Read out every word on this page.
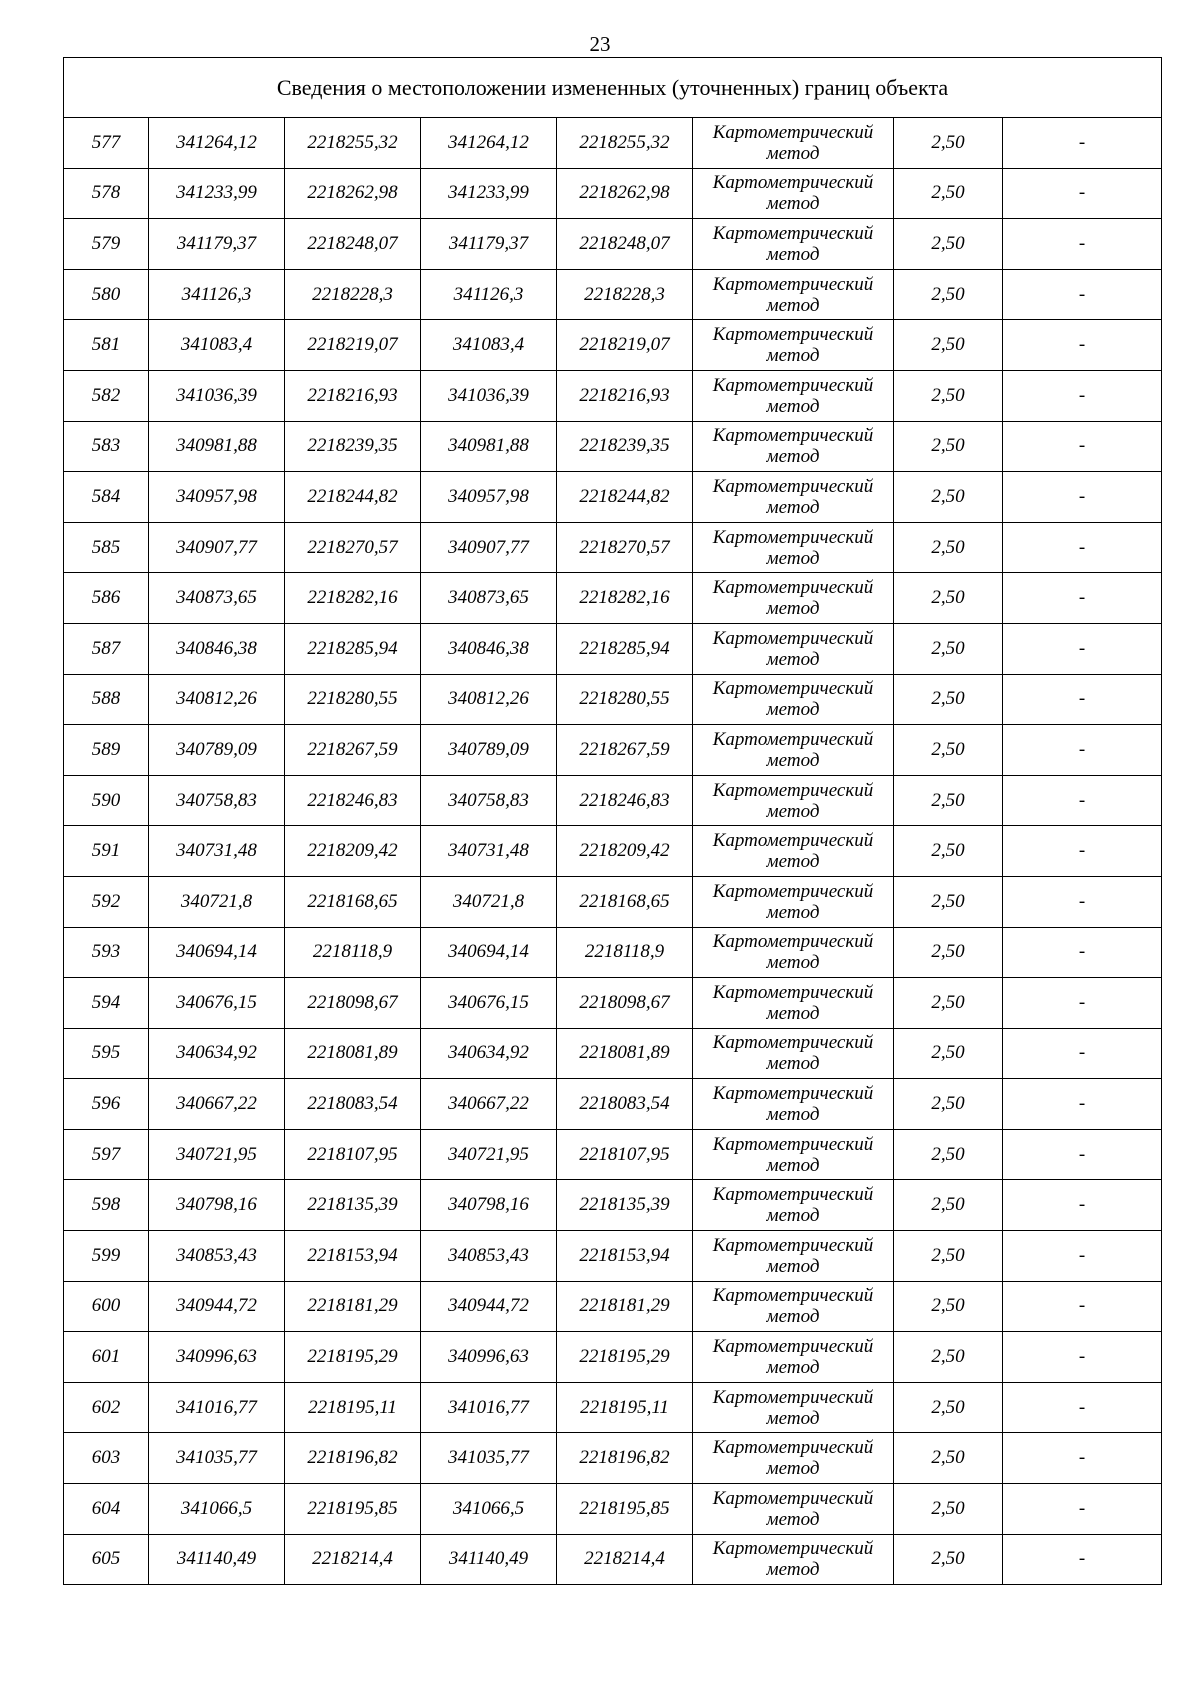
23
Сведения о местоположении измененных (уточненных) границ объекта							
577	341264,12	2218255,32	341264,12	2218255,32	Картометрический
метод	2,50	-
578	341233,99	2218262,98	341233,99	2218262,98	Картометрический
метод	2,50	-
579	341179,37	2218248,07	341179,37	2218248,07	Картометрический
метод	2,50	-
580	341126,3	2218228,3	341126,3	2218228,3	Картометрический
метод	2,50	-
581	341083,4	2218219,07	341083,4	2218219,07	Картометрический
метод	2,50	-
582	341036,39	2218216,93	341036,39	2218216,93	Картометрический
метод	2,50	-
583	340981,88	2218239,35	340981,88	2218239,35	Картометрический
метод	2,50	-
584	340957,98	2218244,82	340957,98	2218244,82	Картометрический
метод	2,50	-
585	340907,77	2218270,57	340907,77	2218270,57	Картометрический
метод	2,50	-
586	340873,65	2218282,16	340873,65	2218282,16	Картометрический
метод	2,50	-
587	340846,38	2218285,94	340846,38	2218285,94	Картометрический
метод	2,50	-
588	340812,26	2218280,55	340812,26	2218280,55	Картометрический
метод	2,50	-
589	340789,09	2218267,59	340789,09	2218267,59	Картометрический
метод	2,50	-
590	340758,83	2218246,83	340758,83	2218246,83	Картометрический
метод	2,50	-
591	340731,48	2218209,42	340731,48	2218209,42	Картометрический
метод	2,50	-
592	340721,8	2218168,65	340721,8	2218168,65	Картометрический
метод	2,50	-
593	340694,14	2218118,9	340694,14	2218118,9	Картометрический
метод	2,50	-
594	340676,15	2218098,67	340676,15	2218098,67	Картометрический
метод	2,50	-
595	340634,92	2218081,89	340634,92	2218081,89	Картометрический
метод	2,50	-
596	340667,22	2218083,54	340667,22	2218083,54	Картометрический
метод	2,50	-
597	340721,95	2218107,95	340721,95	2218107,95	Картометрический
метод	2,50	-
598	340798,16	2218135,39	340798,16	2218135,39	Картометрический
метод	2,50	-
599	340853,43	2218153,94	340853,43	2218153,94	Картометрический
метод	2,50	-
600	340944,72	2218181,29	340944,72	2218181,29	Картометрический
метод	2,50	-
601	340996,63	2218195,29	340996,63	2218195,29	Картометрический
метод	2,50	-
602	341016,77	2218195,11	341016,77	2218195,11	Картометрический
метод	2,50	-
603	341035,77	2218196,82	341035,77	2218196,82	Картометрический
метод	2,50	-
604	341066,5	2218195,85	341066,5	2218195,85	Картометрический
метод	2,50	-
605	341140,49	2218214,4	341140,49	2218214,4	Картометрический
метод	2,50	-
